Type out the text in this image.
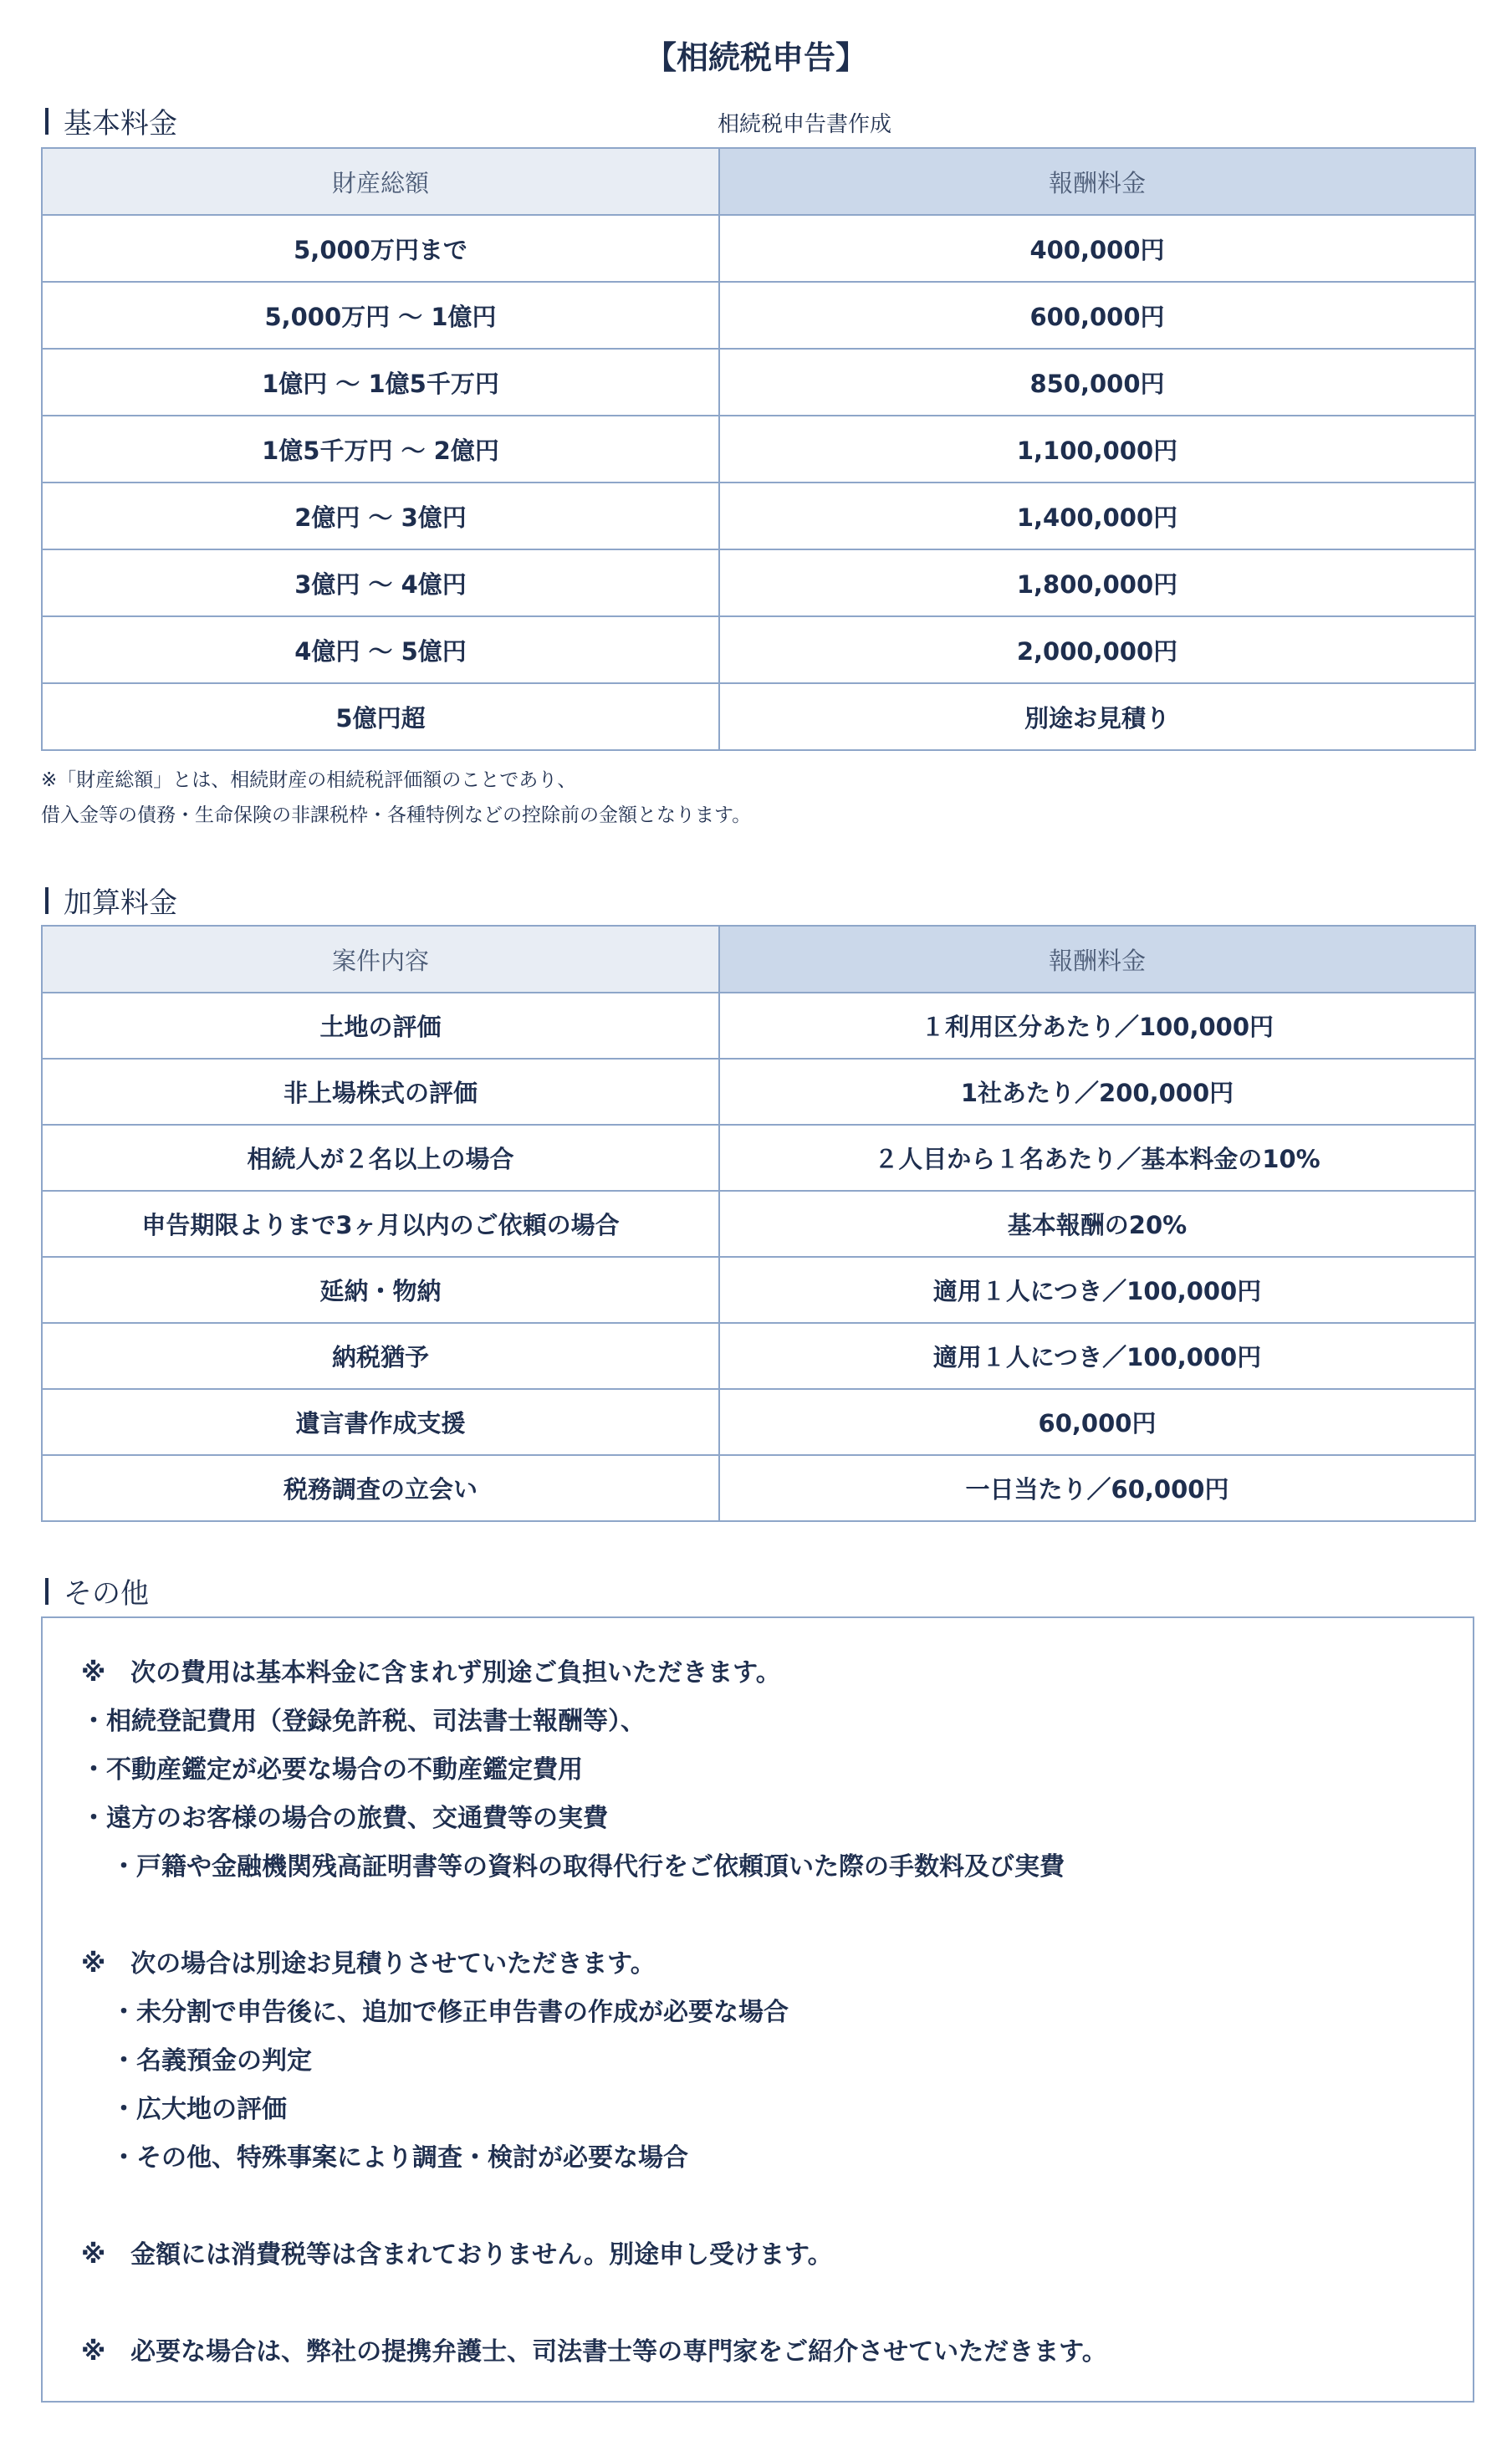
【相続税申告】
基本料金	相続税申告書作成
財産総額	報酬料金
5,000万円まで	400,000円
5,000万円 ～ 1億円	600,000円
1億円 ～ 1億5千万円	850,000円
1億5千万円 ～ 2億円	1,100,000円
2億円 ～ 3億円	1,400,000円
3億円 ～ 4億円	1,800,000円
4億円 ～ 5億円	2,000,000円
5億円超	別途お見積り
※「財産総額」とは、相続財産の相続税評価額のことであり、
借入金等の債務・生命保険の非課税枠・各種特例などの控除前の金額となります。
加算料金
案件内容	報酬料金
土地の評価	１利用区分あたり／100,000円
非上場株式の評価	1社あたり／200,000円
相続人が２名以上の場合	２人目から１名あたり／基本料金の10%
申告期限よりまで3ヶ月以内のご依頼の場合	基本報酬の20%
延納・物納	適用１人につき／100,000円
納税猶予	適用１人につき／100,000円
遺言書作成支援	60,000円
税務調査の立会い	一日当たり／60,000円
その他
※　次の費用は基本料金に含まれず別途ご負担いただきます。
・相続登記費用（登録免許税、司法書士報酬等）、
・不動産鑑定が必要な場合の不動産鑑定費用
・遠方のお客様の場合の旅費、交通費等の実費
・戸籍や金融機関残高証明書等の資料の取得代行をご依頼頂いた際の手数料及び実費
※　次の場合は別途お見積りさせていただきます。
・未分割で申告後に、追加で修正申告書の作成が必要な場合
・名義預金の判定
・広大地の評価
・その他、特殊事案により調査・検討が必要な場合
※　金額には消費税等は含まれておりません。別途申し受けます。
※　必要な場合は、弊社の提携弁護士、司法書士等の専門家をご紹介させていただきます。
